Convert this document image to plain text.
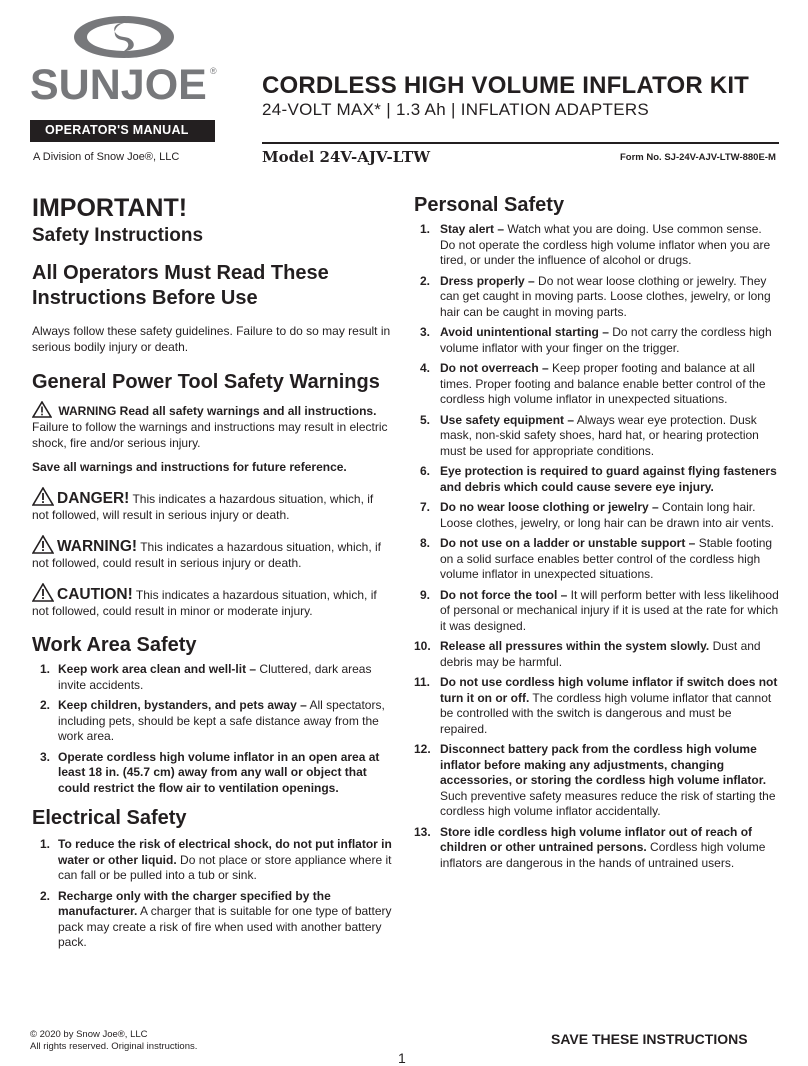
SUNJOE ®
OPERATOR'S MANUAL
A Division of Snow Joe®, LLC
CORDLESS HIGH VOLUME INFLATOR KIT
24-VOLT MAX* | 1.3 Ah | INFLATION ADAPTERS
Model 24V-AJV-LTW	Form No. SJ-24V-AJV-LTW-880E-M
IMPORTANT!
Safety Instructions
All Operators Must Read These Instructions Before Use

Always follow these safety guidelines. Failure to do so may result in serious bodily injury or death.

General Power Tool Safety Warnings

WARNING Read all safety warnings and all instructions. Failure to follow the warnings and instructions may result in electric shock, fire and/or serious injury.

Save all warnings and instructions for future reference.

DANGER! This indicates a hazardous situation, which, if not followed, will result in serious injury or death.

WARNING! This indicates a hazardous situation, which, if not followed, could result in serious injury or death.

CAUTION! This indicates a hazardous situation, which, if not followed, could result in minor or moderate injury.

Work Area Safety
1. Keep work area clean and well-lit – Cluttered, dark areas invite accidents.
2. Keep children, bystanders, and pets away – All spectators, including pets, should be kept a safe distance away from the work area.
3. Operate cordless high volume inflator in an open area at least 18 in. (45.7 cm) away from any wall or object that could restrict the flow air to ventilation openings.
Electrical Safety
1. To reduce the risk of electrical shock, do not put inflator in water or other liquid. Do not place or store appliance where it can fall or be pulled into a tub or sink.
2. Recharge only with the charger specified by the manufacturer. A charger that is suitable for one type of battery pack may create a risk of fire when used with another battery pack.
Personal Safety
1. Stay alert – Watch what you are doing. Use common sense. Do not operate the cordless high volume inflator when you are tired, or under the influence of alcohol or drugs.
2. Dress properly – Do not wear loose clothing or jewelry. They can get caught in moving parts. Loose clothes, jewelry, or long hair can be caught in moving parts.
3. Avoid unintentional starting – Do not carry the cordless high volume inflator with your finger on the trigger.
4. Do not overreach – Keep proper footing and balance at all times. Proper footing and balance enable better control of the cordless high volume inflator in unexpected situations.
5. Use safety equipment – Always wear eye protection. Dusk mask, non-skid safety shoes, hard hat, or hearing protection must be used for appropriate conditions.
6. Eye protection is required to guard against flying fasteners and debris which could cause severe eye injury.
7. Do no wear loose clothing or jewelry – Contain long hair. Loose clothes, jewelry, or long hair can be drawn into air vents.
8. Do not use on a ladder or unstable support – Stable footing on a solid surface enables better control of the cordless high volume inflator in unexpected situations.
9. Do not force the tool – It will perform better with less likelihood of personal or mechanical injury if it is used at the rate for which it was designed.
10. Release all pressures within the system slowly. Dust and debris may be harmful.
11. Do not use cordless high volume inflator if switch does not turn it on or off. The cordless high volume inflator that cannot be controlled with the switch is dangerous and must be repaired.
12. Disconnect battery pack from the cordless high volume inflator before making any adjustments, changing accessories, or storing the cordless high volume inflator. Such preventive safety measures reduce the risk of starting the cordless high volume inflator accidentally.
13. Store idle cordless high volume inflator out of reach of children or other untrained persons. Cordless high volume inflators are dangerous in the hands of untrained users.
© 2020 by Snow Joe®, LLC
All rights reserved. Original instructions.	SAVE THESE INSTRUCTIONS
1
